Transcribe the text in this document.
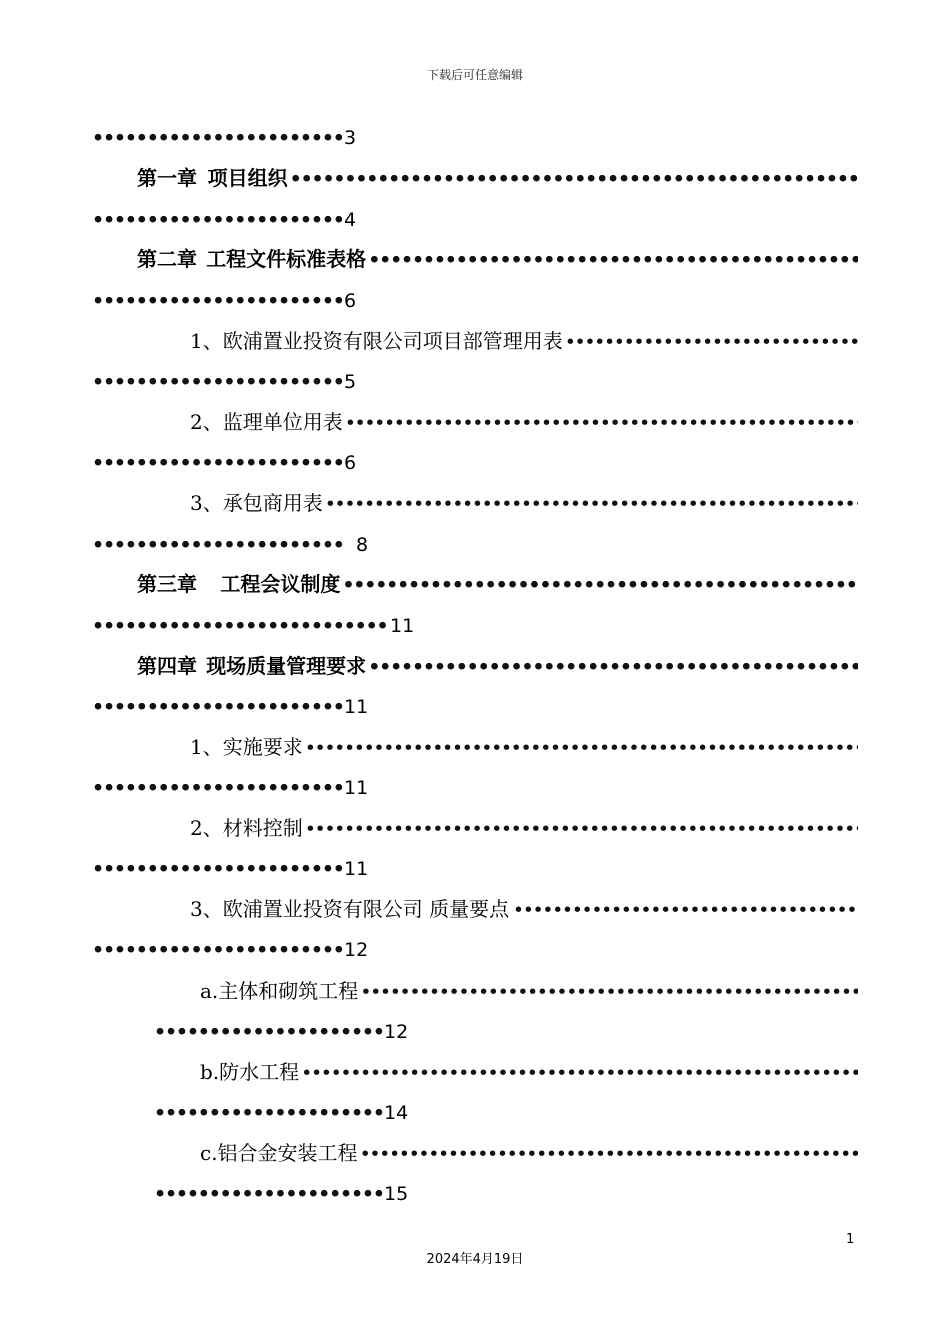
下载后可任意编辑
•••••
3
第一章 项目组织
•••••
•••••
4
第二章 工程文件标准表格
•••••
•••••
6
1、欧浦置业投资有限公司项目部管理用表
•••••
•••••
5
2、监理单位用表
•••••
•••••
6
3、承包商用表
•••••
•••••
8
第三章 工程会议制度
•••••
•••••
11
第四章 现场质量管理要求
•••••
•••••
11
1、实施要求
•••••
•••••
11
2、材料控制
•••••
•••••
11
3、欧浦置业投资有限公司 质量要点
•••••
•••••
12
a.主体和砌筑工程
•••••
•••••
12
b.防水工程
•••••
•••••
14
c.铝合金安装工程
•••••
•••••
15
1
2024年4月19日
